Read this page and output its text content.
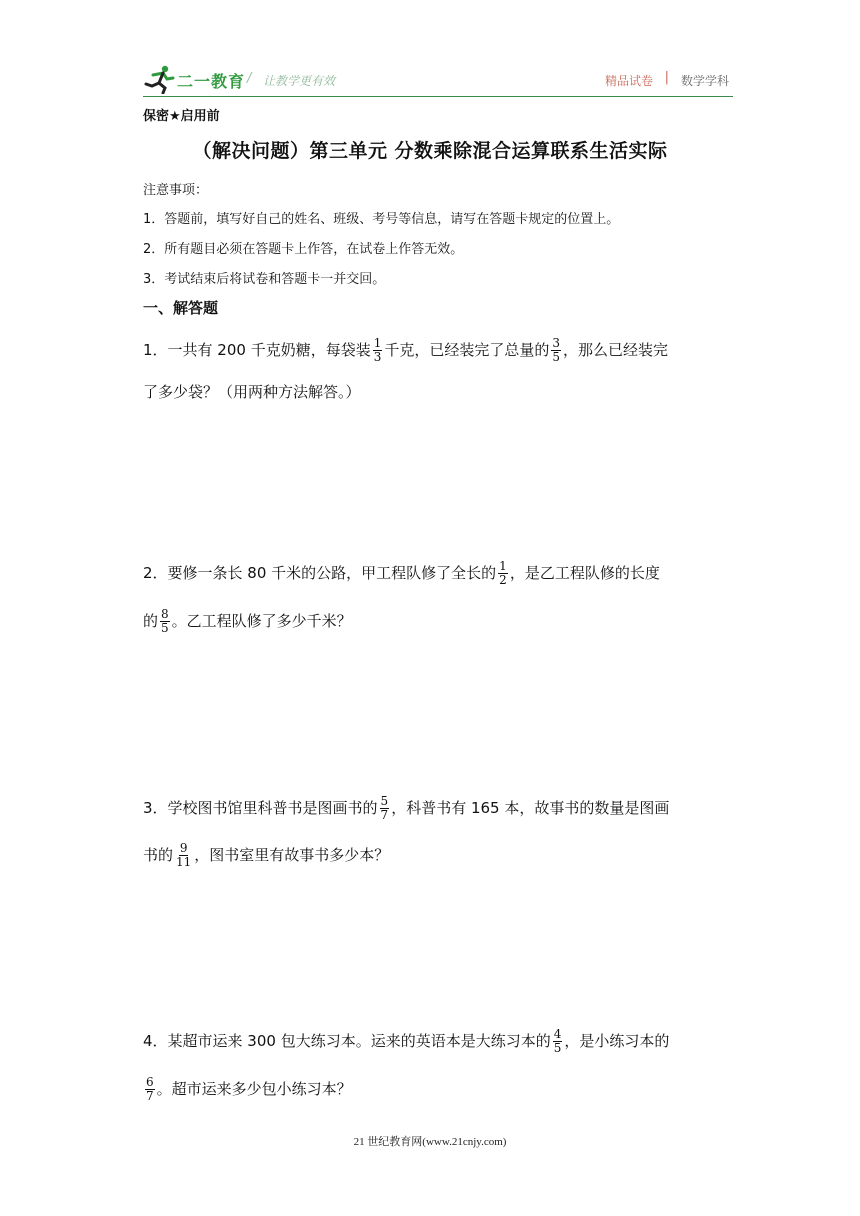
二一教育 / 让教学更有效	精品试卷 | 数学学科
保密★启用前
（解决问题）第三单元 分数乘除混合运算联系生活实际
注意事项：
1．答题前，填写好自己的姓名、班级、考号等信息，请写在答题卡规定的位置上。
2．所有题目必须在答题卡上作答，在试卷上作答无效。
3．考试结束后将试卷和答题卡一并交回。
一、解答题
1．一共有 200 千克奶糖，每袋装 $\frac{1}{3}$ 千克，已经装完了总量的 $\frac{3}{5}$ ，那么已经装完
了多少袋？（用两种方法解答。）
2．要修一条长 80 千米的公路，甲工程队修了全长的 $\frac{1}{2}$ ，是乙工程队修的长度
的 $\frac{8}{5}$ 。乙工程队修了多少千米？
3．学校图书馆里科普书是图画书的 $\frac{5}{7}$ ，科普书有 165 本，故事书的数量是图画
书的 $\frac{9}{11}$ ，图书室里有故事书多少本？
4．某超市运来 300 包大练习本。运来的英语本是大练习本的 $\frac{4}{5}$ ，是小练习本的
$\frac{6}{7}$ 。超市运来多少包小练习本？
21 世纪教育网(www.21cnjy.com)
